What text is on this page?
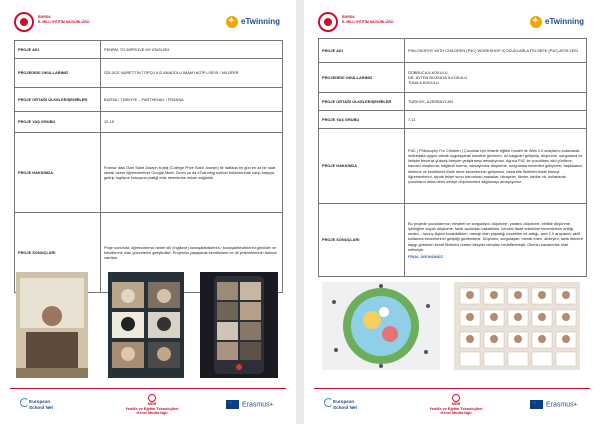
BURSA
İL MİLLİ EĞİTİM MÜDÜRLÜĞÜ ✦	eTwinning
PROJE ADI	PENPAL TO IMPROVE MY ENGLISH
PROJEDEKİ OKULLARIMIZ	ÖZLÜCE NURETTİN TOPÇU KIZ ANADOLU İMAM HATİP LİSESİ / NİLÜFER
PROJE ORTAĞI ÜLKELER/ŞEHİRLER	BURSA / TÜRKİYE – PARTHENAY / FRANSA
PROJE YAŞ GRUBU	12-15
PROJE HAKKINDA	Fransa’ daki Özel Saint Joseph Koleji (Collège Privé Saint Joseph) ile haftada bir gün en az bir saat olmak üzere öğrencilerimiz Google Meet, Zoom ya da eTwinning sohbet bölümlerinde karşı karşıya getirip İngilizce konuşma pratiği elde etmelerine imkan sağladık.
PROJE SONUÇLARI	Proje sonunda; öğrencilermiz hedef dili (İngilizce) konuşabildiklerini / konuşabileceklerini gördüler ve kendilerine olan güvenlerini geliştirdiler. Projemizi yaşayarak kendilerinin ve dil yeteneklerinin farkına vardılar.
European
School Net
MEB
Yenilik ve Eğitim Teknolojileri
Genel Müdürlüğü
·:·Erasmus+
BURSA
İL MİLLİ EĞİTİM MÜDÜRLÜĞÜ ✦	eTwinning
PROJE ADI	PHILOSOPHY WITH CHILDREN (P4C) WORKSHOP /ÇOCUKLARLA FELSEFE (P4C) ATÖLYESİ
PROJEDEKİ OKULLARIMIZ	DOBRUCA İLKOKULU
DR. AYTEN BOZKAYA İLKOKULU
TUNA İLKOKULU
PROJE ORTAĞI ÜLKELER/ŞEHİRLER	TÜRKİYE, AZERBAYCAN
PROJE YAŞ GRUBU	7-11
PROJE HAKKINDA	P4C ( Philosophy For Children ) Çocuklar için felsefe eğitim modeli ile Web 2.0 araçlarını kullanarak müfredata uygun olarak uygulayarak kendine güvenen, öz saygıları gelişmiş, düşünme, sorgulama ve iletişim becerisi yüksek bireyler yetiştirmeyi amaçlıyoruz. Ayrıca P4C ile çocukların akıl yürütme, kavram oluşturma, bağlantı kurma, varsayımsız düşünme, sorgulama becerileri gelişmesi, başkalarını dinleme ve kendilerini ifade etme becerilerinin gelişmesi, cesaretle fikirlerini ifade etmeyi öğrenmelerini, içinde felsef sonu barındıran masallar, hikayeler, filmler, fabllar vb. kullanarak çocukların daha derin seviye düşünmesini sağlamayı amaçlıyoruz.
PROJE SONUÇLARI	Bu projede çocuklarımız; eleştirel ve sorgulayıcı düşünme, yaratıcı düşünme, birlikte düşünme, işbirliğine dayalı düşünme, farklı açılardan bakabilme, kendini ifade edebilme becerilerinin arttığı, neden – sonuç ilişkisi kurabildikleri, mesajı olan yaşadığı becerileri mi arttığı, web 2.0 araçlarını aktif kullanma becerilerinin geliştiği gözlemlenir. Düşünen, sorgulayan, merak eden, dinleyen, farklı fikirlere saygı gösteren kendi fikirlerini üreten bireyler olmaları hedeflenmiştir. Olumlu kazanımlar elde edilmiştir.
FİNAL ÜRÜNÜMÜZ
European
School Net
MEB
Yenilik ve Eğitim Teknolojileri
Genel Müdürlüğü
·:·Erasmus+
